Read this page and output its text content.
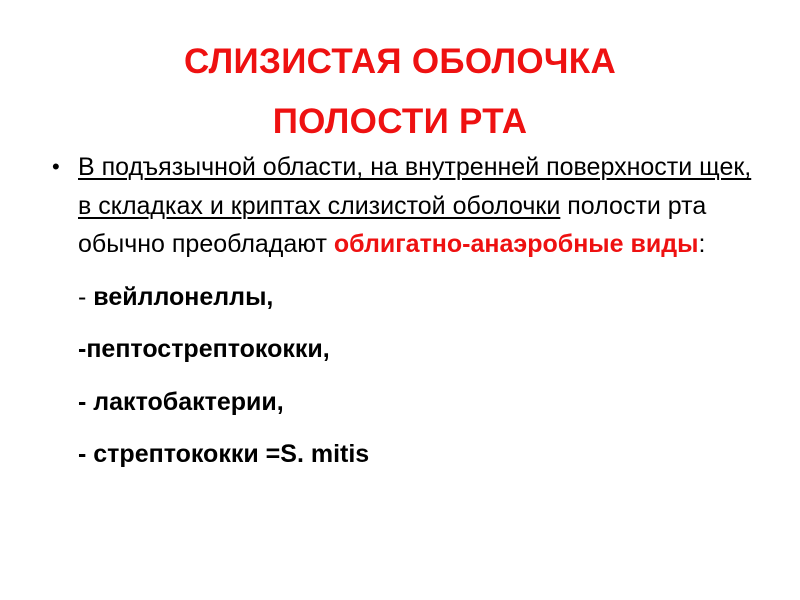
СЛИЗИСТАЯ ОБОЛОЧКА
ПОЛОСТИ РТА
• В подъязычной области, на внутренней поверхности щек, в складках и криптах слизистой оболочки полости рта обычно преобладают облигатно-анаэробные виды:
- вейллонеллы,
-пептострептококки,
- лактобактерии,
- стрептококки =S. mitis
